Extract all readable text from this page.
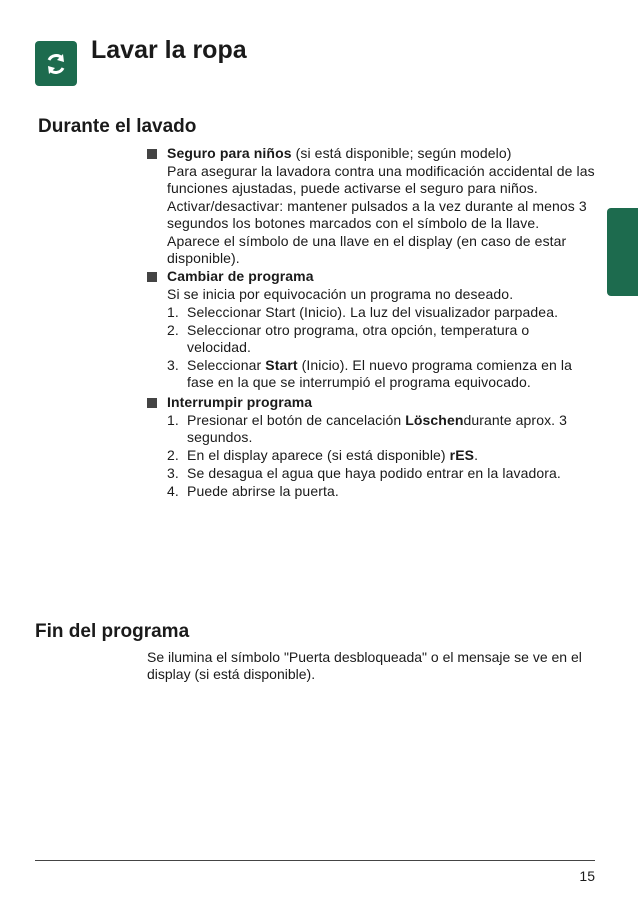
Lavar la ropa
Durante el lavado
Seguro para niños (si está disponible; según modelo)

Para asegurar la lavadora contra una modificación accidental de las funciones ajustadas, puede activarse el seguro para niños.

Activar/desactivar: mantener pulsados a la vez durante al menos 3 segundos los botones marcados con el símbolo de la llave.

Aparece el símbolo de una llave en el display (en caso de estar disponible).

Cambiar de programa

Si se inicia por equivocación un programa no deseado.

1. Seleccionar Start (Inicio). La luz del visualizador parpadea.
2. Seleccionar otro programa, otra opción, temperatura o velocidad.
3. Seleccionar Start (Inicio). El nuevo programa comienza en la fase en la que se interrumpió el programa equivocado.
Interrumpir programa
1. Presionar el botón de cancelación Löschendurante aprox. 3 segundos.
2. En el display aparece (si está disponible) rES.
3. Se desagua el agua que haya podido entrar en la lavadora.
4. Puede abrirse la puerta.
Fin del programa

Se ilumina el símbolo "Puerta desbloqueada" o el mensaje se ve en el display (si está disponible).

15
